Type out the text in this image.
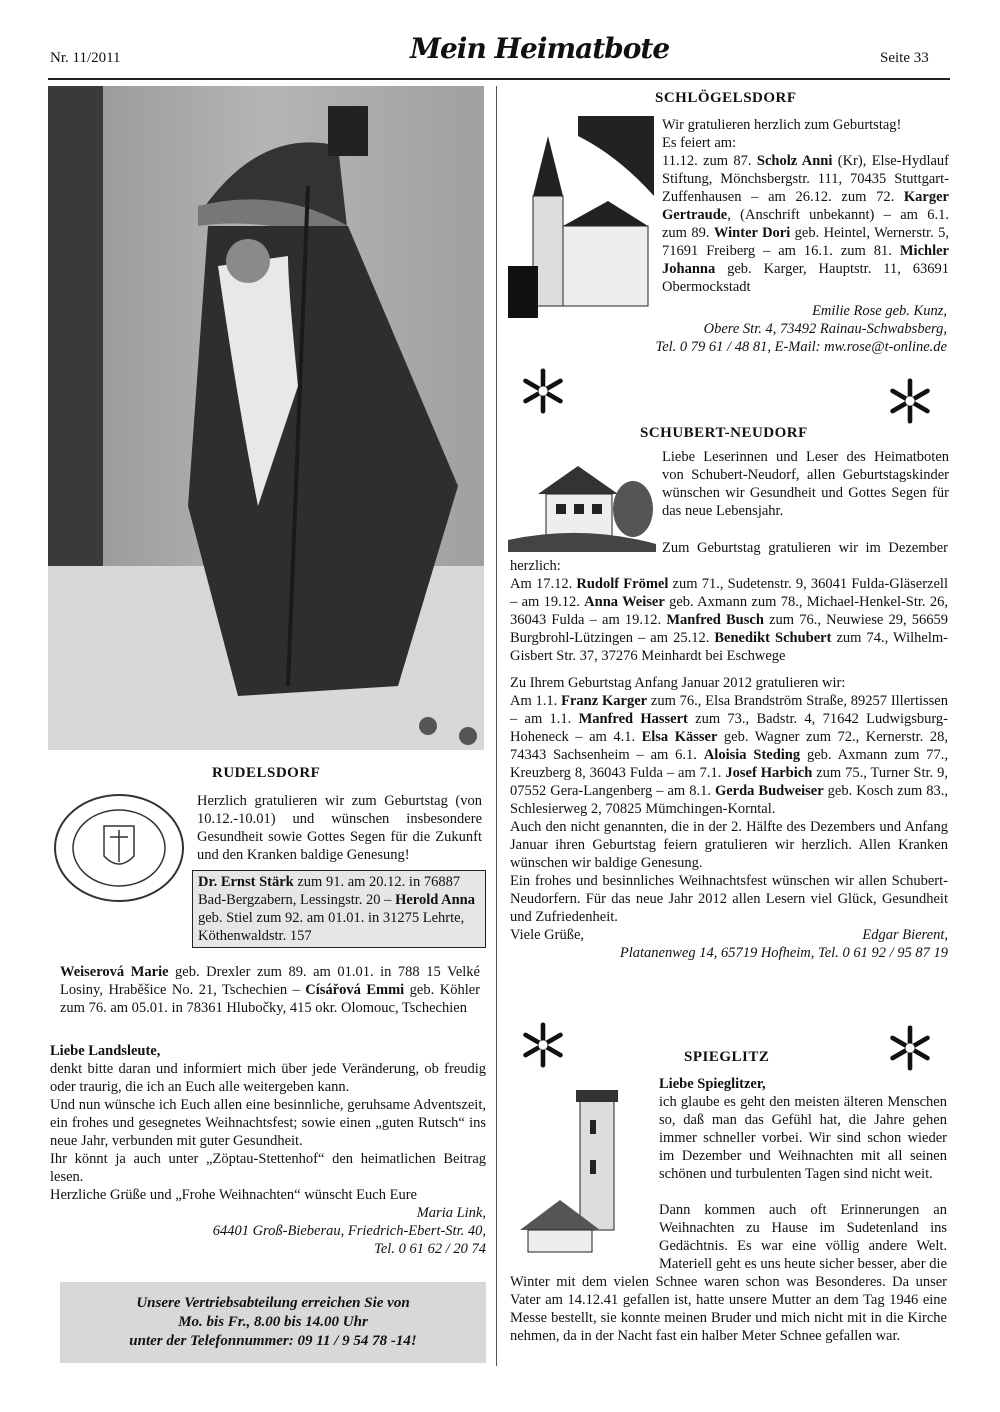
Nr. 11/2011	Mein Heimatbote	Seite 33
RUDELSDORF
Herzlich gratulieren wir zum Geburtstag (von 10.12.-10.01) und wünschen insbesondere Gesundheit sowie Gottes Segen für die Zukunft und den Kranken baldige Genesung!
Dr. Ernst Stärk zum 91. am 20.12. in 76887 Bad-Bergzabern, Lessingstr. 20 – Herold Anna geb. Stiel zum 92. am 01.01. in 31275 Lehrte, Köthenwaldstr. 157
Weiserová Marie geb. Drexler zum 89. am 01.01. in 788 15 Velké Losiny, Hraběšice No. 21, Tschechien – Císářová Emmi geb. Köhler zum 76. am 05.01. in 78361 Hlubočky, 415 okr. Olomouc, Tschechien

Liebe Landsleute,

denkt bitte daran und informiert mich über jede Veränderung, ob freudig oder traurig, die ich an Euch alle weitergeben kann.

Und nun wünsche ich Euch allen eine besinnliche, geruhsame Adventszeit, ein frohes und gesegnetes Weihnachtsfest; sowie einen „guten Rutsch“ ins neue Jahr, verbunden mit guter Gesundheit.

Ihr könnt ja auch unter „Zöptau-Stettenhof“ den heimatlichen Beitrag lesen.

Herzliche Grüße und „Frohe Weihnachten“ wünscht Euch Eure

Maria Link,

64401 Groß-Bieberau, Friedrich-Ebert-Str. 40,

Tel. 0 61 62 / 20 74

Unsere Vertriebsabteilung erreichen Sie von
Mo. bis Fr., 8.00 bis 14.00 Uhr
unter der Telefonnummer: 09 11 / 9 54 78 -14!
SCHLÖGELSDORF

Wir gratulieren herzlich zum Geburtstag!

Es feiert am:

11.12. zum 87. Scholz Anni (Kr), Else-Hydlauf Stiftung, Mönchsbergstr. 111, 70435 Stuttgart-Zuffenhausen – am 26.12. zum 72. Karger Gertraude, (Anschrift unbekannt) – am 6.1. zum 89. Winter Dori geb. Heintel, Wernerstr. 5, 71691 Freiberg – am 16.1. zum 81. Michler Johanna geb. Karger, Hauptstr. 11, 63691 Obermockstadt

Emilie Rose geb. Kunz,

Obere Str. 4, 73492 Rainau-Schwabsberg,

Tel. 0 79 61 / 48 81, E-Mail: mw.rose@t-online.de

SCHUBERT-NEUDORF
Liebe Leserinnen und Leser des Heimatboten von Schubert-Neudorf, allen Geburtstagskinder wünschen wir Gesundheit und Gottes Segen für das neue Lebensjahr.

Zum Geburtstag gratulieren wir im Dezember herzlich:

Am 17.12. Rudolf Frömel zum 71., Sudetenstr. 9, 36041 Fulda-Gläserzell – am 19.12. Anna Weiser geb. Axmann zum 78., Michael-Henkel-Str. 26, 36043 Fulda – am 19.12. Manfred Busch zum 76., Neuwiese 29, 56659 Burgbrohl-Lützingen – am 25.12. Benedikt Schubert zum 74., Wilhelm-Gisbert Str. 37, 37276 Meinhardt bei Eschwege

Zu Ihrem Geburtstag Anfang Januar 2012 gratulieren wir:

Am 1.1. Franz Karger zum 76., Elsa Brandström Straße, 89257 Illertissen – am 1.1. Manfred Hassert zum 73., Badstr. 4, 71642 Ludwigsburg-Hoheneck – am 4.1. Elsa Kässer geb. Wagner zum 72., Kernerstr. 28, 74343 Sachsenheim – am 6.1. Aloisia Steding geb. Axmann zum 77., Kreuzberg 8, 36043 Fulda – am 7.1. Josef Harbich zum 75., Turner Str. 9, 07552 Gera-Langenberg – am 8.1. Gerda Budweiser geb. Kosch zum 83., Schlesierweg 2, 70825 Mümchingen-Korntal.

Auch den nicht genannten, die in der 2. Hälfte des Dezembers und Anfang Januar ihren Geburtstag feiern gratulieren wir herzlich. Allen Kranken wünschen wir baldige Genesung.

Ein frohes und besinnliches Weihnachtsfest wünschen wir allen Schubert-Neudorfern. Für das neue Jahr 2012 allen Lesern viel Glück, Gesundheit und Zufriedenheit.

Viele Grüße,	Edgar Bierent,

Platanenweg 14, 65719 Hofheim, Tel. 0 61 92 / 95 87 19

SPIEGLITZ
Liebe Spieglitzer,
ich glaube es geht den meisten älteren Menschen so, daß man das Gefühl hat, die Jahre gehen immer schneller vorbei. Wir sind schon wieder im Dezember und Weihnachten mit all seinen schönen und turbulenten Tagen sind nicht weit.
Dann kommen auch oft Erinnerungen an Weihnachten zu Hause im Sudetenland ins Gedächtnis. Es war eine völlig andere Welt. Materiell geht es uns heute sicher besser, aber die Winter mit dem vielen Schnee waren schon was Besonderes. Da unser Vater am 14.12.41 gefallen ist, hatte unsere Mutter an dem Tag 1946 eine Messe bestellt, sie konnte meinen Bruder und mich nicht mit in die Kirche nehmen, da in der Nacht fast ein halber Meter Schnee gefallen war.
